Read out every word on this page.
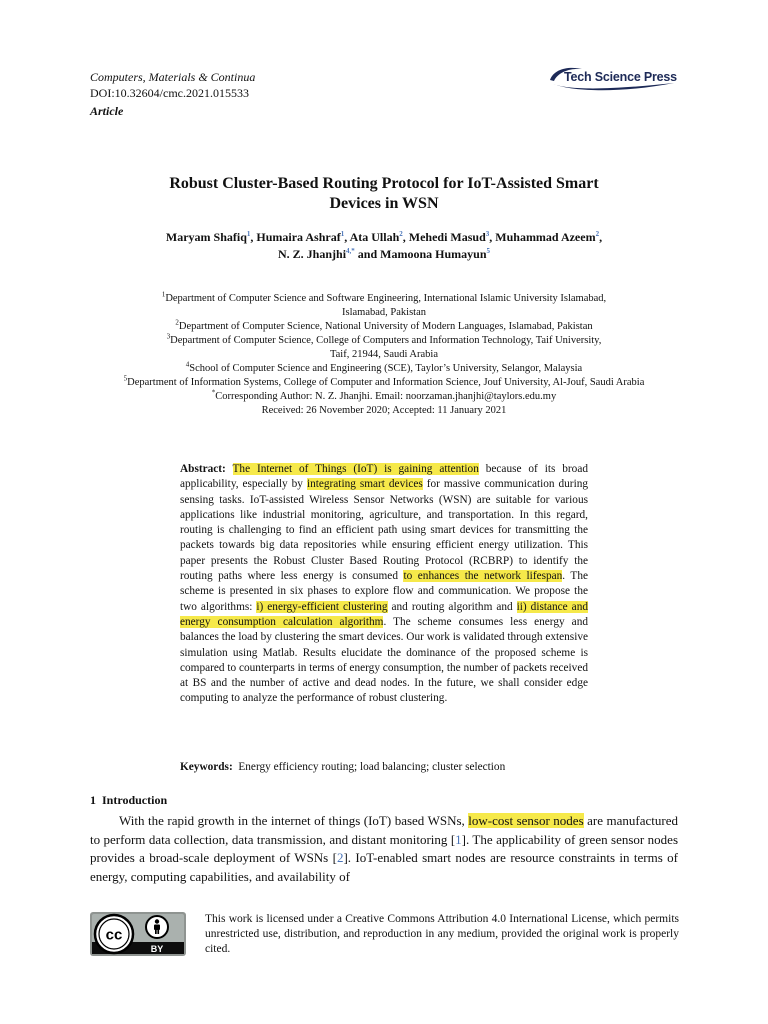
Computers, Materials & Continua
DOI:10.32604/cmc.2021.015533
Article
Tech Science Press
Robust Cluster-Based Routing Protocol for IoT-Assisted Smart
Devices in WSN
Maryam Shafiq$^1$, Humaira Ashraf$^1$, Ata Ullah$^2$, Mehedi Masud$^3$, Muhammad Azeem$^2$,
N. Z. Jhanjhi$^{4,*}$ and Mamoona Humayun$^5$
$^1$Department of Computer Science and Software Engineering, International Islamic University Islamabad,
Islamabad, Pakistan
$^2$Department of Computer Science, National University of Modern Languages, Islamabad, Pakistan
$^3$Department of Computer Science, College of Computers and Information Technology, Taif University,
Taif, 21944, Saudi Arabia
$^4$School of Computer Science and Engineering (SCE), Taylor’s University, Selangor, Malaysia
$^5$Department of Information Systems, College of Computer and Information Science, Jouf University, Al-Jouf, Saudi Arabia
*Corresponding Author: N. Z. Jhanjhi. Email: noorzaman.jhanjhi@taylors.edu.my
Received: 26 November 2020; Accepted: 11 January 2021
Abstract: The Internet of Things (IoT) is gaining attention because of its broad applicability, especially by integrating smart devices for massive communication during sensing tasks. IoT-assisted Wireless Sensor Networks (WSN) are suitable for various applications like industrial monitoring, agriculture, and transportation. In this regard, routing is challenging to find an efficient path using smart devices for transmitting the packets towards big data repositories while ensuring efficient energy utilization. This paper presents the Robust Cluster Based Routing Protocol (RCBRP) to identify the routing paths where less energy is consumed to enhances the network lifespan. The scheme is presented in six phases to explore flow and communication. We propose the two algorithms: i) energy-efficient clustering and routing algorithm and ii) distance and energy consumption calculation algorithm. The scheme consumes less energy and balances the load by clustering the smart devices. Our work is validated through extensive simulation using Matlab. Results elucidate the dominance of the proposed scheme is compared to counterparts in terms of energy consumption, the number of packets received at BS and the number of active and dead nodes. In the future, we shall consider edge computing to analyze the performance of robust clustering.
Keywords: Energy efficiency routing; load balancing; cluster selection
1 Introduction

With the rapid growth in the internet of things (IoT) based WSNs, low-cost sensor nodes are manufactured to perform data collection, data transmission, and distant monitoring [1]. The applicability of green sensor nodes provides a broad-scale deployment of WSNs [2]. IoT-enabled smart nodes are resource constraints in terms of energy, computing capabilities, and availability of

cc
BY
This work is licensed under a Creative Commons Attribution 4.0 International License, which permits unrestricted use, distribution, and reproduction in any medium, provided the original work is properly cited.
